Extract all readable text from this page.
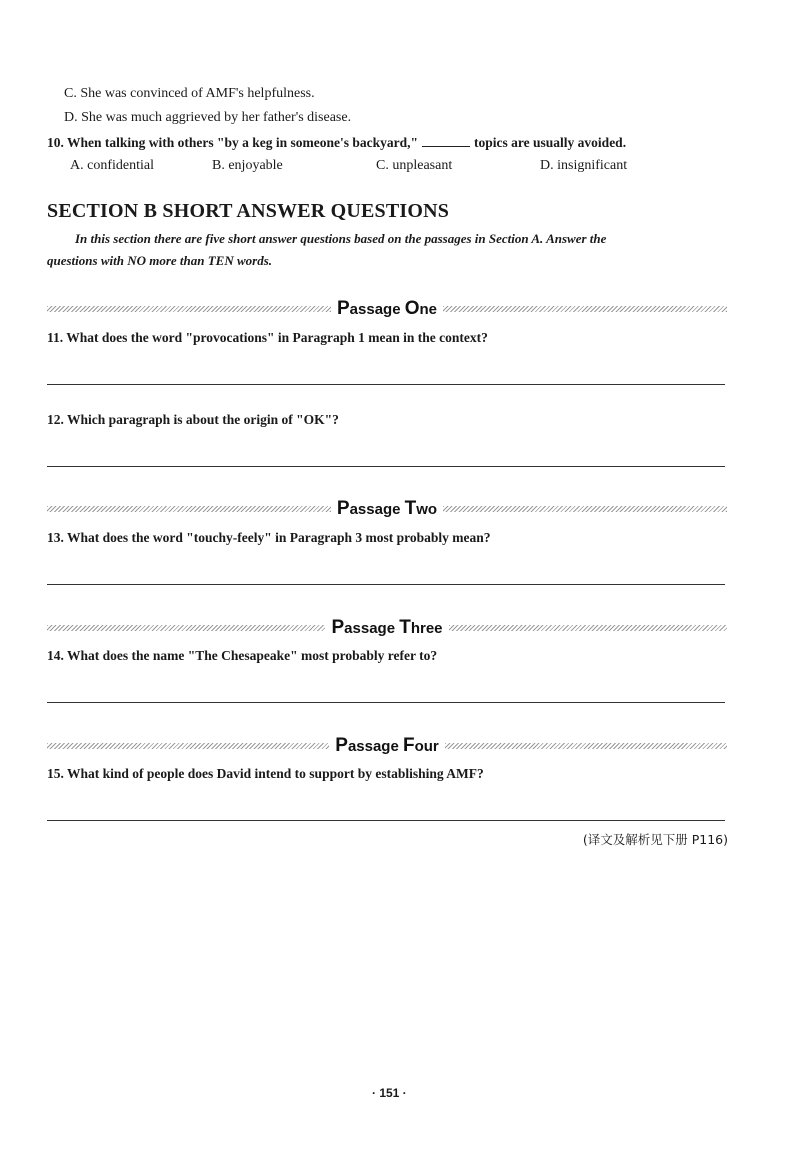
C. She was convinced of AMF's helpfulness.
D. She was much aggrieved by her father's disease.
10. When talking with others "by a keg in someone's backyard,"	topics are usually avoided.
A. confidential	B. enjoyable	C. unpleasant	D. insignificant
SECTION B SHORT ANSWER QUESTIONS
In this section there are five short answer questions based on the passages in Section A. Answer the
questions with NO more than TEN words.
Passage One
11. What does the word "provocations" in Paragraph 1 mean in the context?
12. Which paragraph is about the origin of "OK"?
Passage Two
13. What does the word "touchy-feely" in Paragraph 3 most probably mean?
Passage Three
14. What does the name "The Chesapeake" most probably refer to?
Passage Four
15. What kind of people does David intend to support by establishing AMF?
(译文及解析见下册 P116)
· 151 ·
